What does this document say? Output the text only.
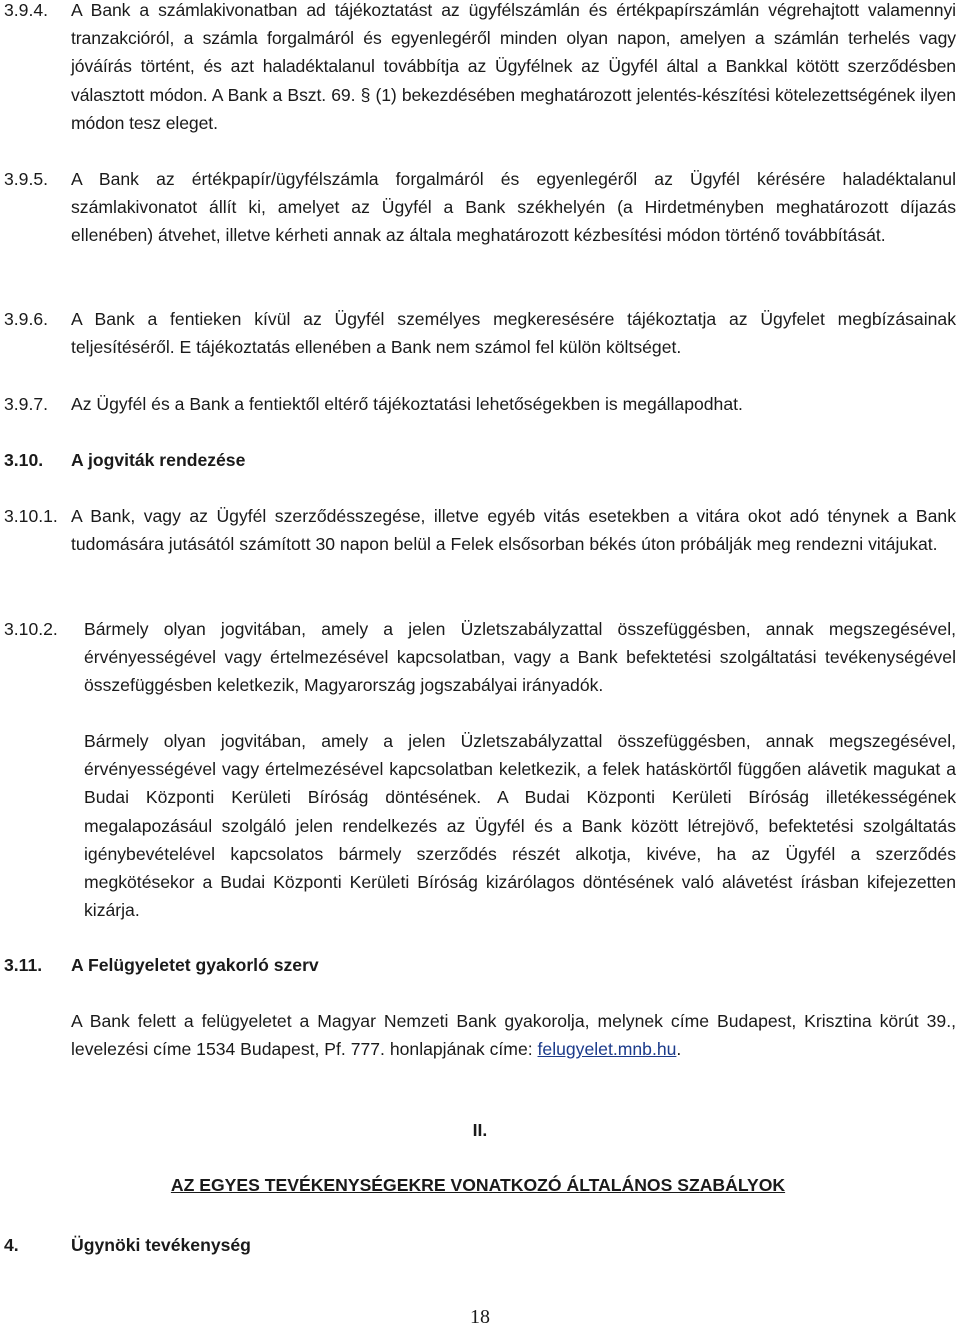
3.9.4. A Bank a számlakivonatban ad tájékoztatást az ügyfélszámlán és értékpapírszámlán végrehajtott valamennyi tranzakcióról, a számla forgalmáról és egyenlegéről minden olyan napon, amelyen a számlán terhelés vagy jóváírás történt, és azt haladéktalanul továbbítja az Ügyfélnek az Ügyfél által a Bankkal kötött szerződésben választott módon. A Bank a Bszt. 69. § (1) bekezdésében meghatározott jelentés-készítési kötelezettségének ilyen módon tesz eleget.

3.9.5. A Bank az értékpapír/ügyfélszámla forgalmáról és egyenlegéről az Ügyfél kérésére haladéktalanul számlakivonatot állít ki, amelyet az Ügyfél a Bank székhelyén (a Hirdetményben meghatározott díjazás ellenében) átvehet, illetve kérheti annak az általa meghatározott kézbesítési módon történő továbbítását.

3.9.6. A Bank a fentieken kívül az Ügyfél személyes megkeresésére tájékoztatja az Ügyfelet megbízásainak teljesítéséről. E tájékoztatás ellenében a Bank nem számol fel külön költséget.

3.9.7. Az Ügyfél és a Bank a fentiektől eltérő tájékoztatási lehetőségekben is megállapodhat.

3.10. A jogviták rendezése
3.10.1. A Bank, vagy az Ügyfél szerződésszegése, illetve egyéb vitás esetekben a vitára okot adó ténynek a Bank tudomására jutásától számított 30 napon belül a Felek elsősorban békés úton próbálják meg rendezni vitájukat.

3.10.2. Bármely olyan jogvitában, amely a jelen Üzletszabályzattal összefüggésben, annak megszegésével, érvényességével vagy értelmezésével kapcsolatban, vagy a Bank befektetési szolgáltatási tevékenységével összefüggésben keletkezik, Magyarország jogszabályai irányadók.

Bármely olyan jogvitában, amely a jelen Üzletszabályzattal összefüggésben, annak megszegésével, érvényességével vagy értelmezésével kapcsolatban keletkezik, a felek hatáskörtől függően alávetik magukat a Budai Központi Kerületi Bíróság döntésének. A Budai Központi Kerületi Bíróság illetékességének megalapozásául szolgáló jelen rendelkezés az Ügyfél és a Bank között létrejövő, befektetési szolgáltatás igénybevételével kapcsolatos bármely szerződés részét alkotja, kivéve, ha az Ügyfél a szerződés megkötésekor a Budai Központi Kerületi Bíróság kizárólagos döntésének való alávetést írásban kifejezetten kizárja.

3.11. A Felügyeletet gyakorló szerv

A Bank felett a felügyeletet a Magyar Nemzeti Bank gyakorolja, melynek címe Budapest, Krisztina körút 39., levelezési címe 1534 Budapest, Pf. 777. honlapjának címe: felugyelet.mnb.hu.

II.
AZ EGYES TEVÉKENYSÉGEKRE VONATKOZÓ ÁLTALÁNOS SZABÁLYOK
4.	Ügynöki tevékenység
18
